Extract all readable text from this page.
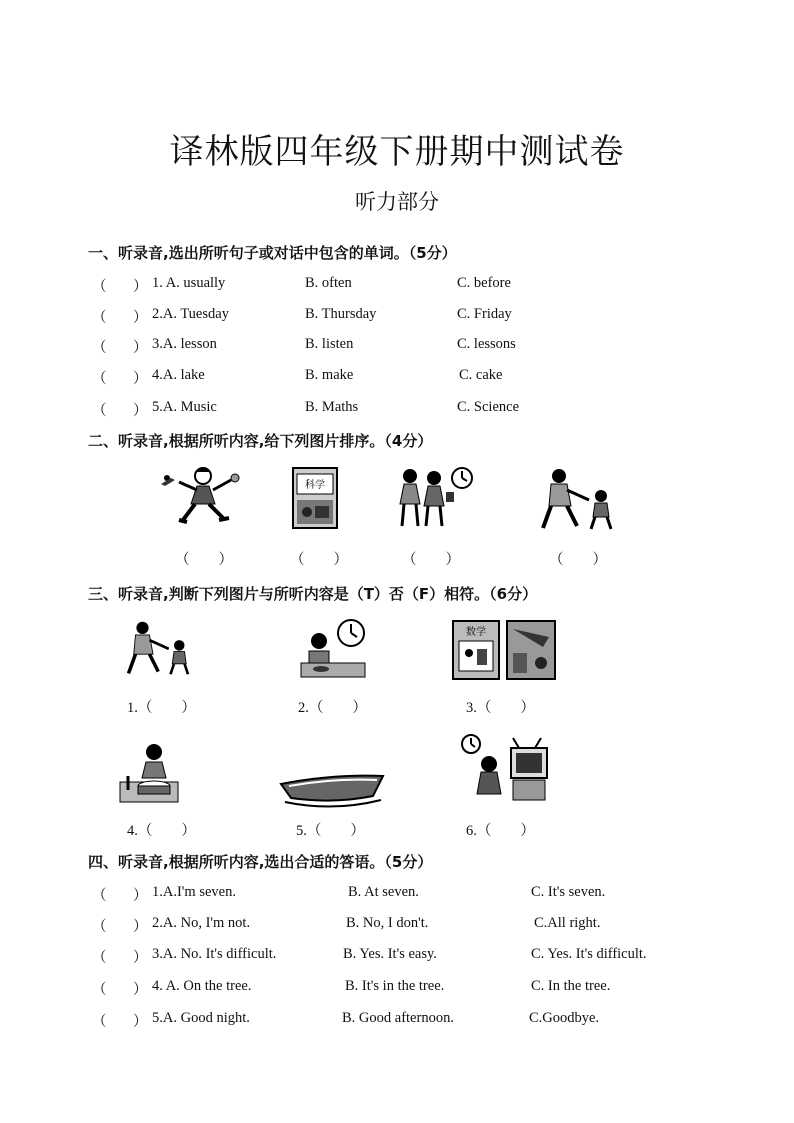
译林版四年级下册期中测试卷
听力部分
一、听录音,选出所听句子或对话中包含的单词。（5分）
（ ） 1. A. usually	B. often	C. before
（ ） 2.A. Tuesday	B. Thursday	C. Friday
（ ） 3.A. lesson	B. listen	C. lessons
（ ） 4.A. lake	B. make	C. cake
（ ） 5.A. Music	B. Maths	C. Science
二、听录音,根据所听内容,给下列图片排序。（4分）
科学
（　　）	（　　）	（　　）	（　　）
三、听录音,判断下列图片与所听内容是（T）否（F）相符。（6分）
数学
1.（　　）	2.（　　）	3.（　　）
4.（　　）	5.（　　）	6.（　　）
四、听录音,根据所听内容,选出合适的答语。（5分）
（ ） 1.A.I'm seven.	B. At seven.	C. It's seven.
（ ） 2.A. No, I'm not.	B. No, I don't.	C.All right.
（ ） 3.A. No. It's difficult.	B. Yes. It's easy.	C. Yes. It's difficult.
（ ） 4. A. On the tree.	B. It's in the tree.	C. In the tree.
（ ） 5.A. Good night.	B. Good afternoon.	C.Goodbye.
